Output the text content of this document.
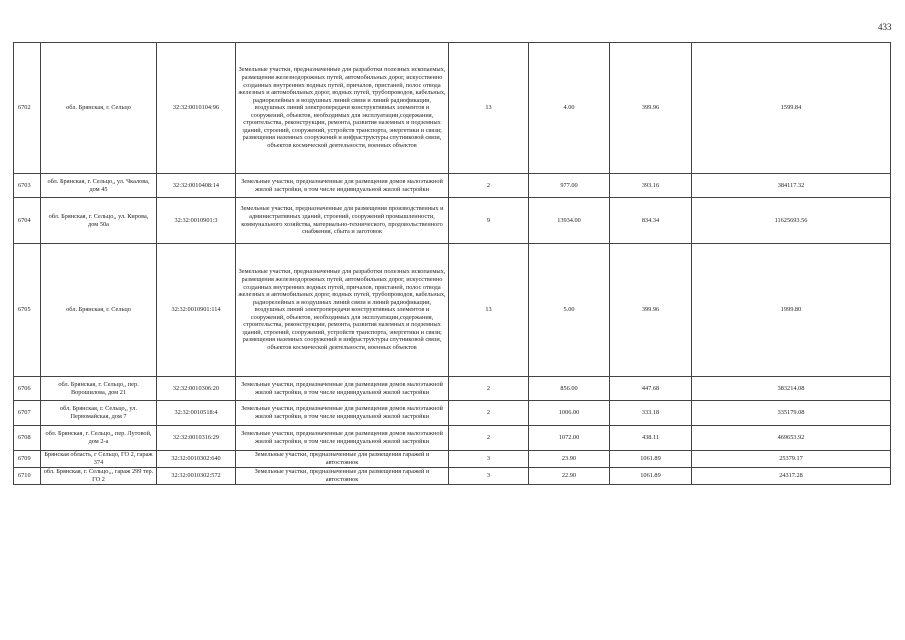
433
6702	обл. Брянская, г. Сельцо	32:32:0010104:96	Земельные участки, предназначенные для разработки полезных ископаемых, размещения железнодорожных путей, автомобильных дорог, искусственно созданных внутренних водных путей, причалов, пристаней, полос отвода железных и автомобильных дорог, водных путей, трубопроводов, кабельных, радиорелейных и воздушных линий связи и линий радиофикации, воздушных линий электропередачи конструктивных элементов и сооружений, объектов, необходимых для эксплуатации,содержания, строительства, реконструкции, ремонта, развития наземных и подземных зданий, строений, сооружений, устройств транспорта, энергетики и связи; размещения наземных сооружений и инфраструктуры спутниковой связи, объектов космической деятельности, военных объектов	13	4.00	399.96	1599.84
6703	обл. Брянская, г. Сельцо,, ул. Чкалова, дом 45	32:32:0010408:14	Земельные участки, предназначенные для размещения домов малоэтажной жилой застройки, в том числе индивидуальной жилой застройки	2	977.00	393.16	384117.32
6704	обл. Брянская, г. Сельцо,, ул. Кирова, дом 50а	32:32:0010901:3	Земельные участки, предназначенные для размещения производственных и административных зданий, строений, сооружений промышленности, коммунального хозяйства, материально-технического, продовольственного снабжения, сбыта и заготовок	9	13934.00	834.34	11625693.56
6705	обл. Брянская, г. Сельцо	32:32:0010901:114	Земельные участки, предназначенные для разработки полезных ископаемых, размещения железнодорожных путей, автомобильных дорог, искусственно созданных внутренних водных путей, причалов, пристаней, полос отвода железных и автомобильных дорог, водных путей, трубопроводов, кабельных, радиорелейных и воздушных линий связи и линий радиофикации, воздушных линий электропередачи конструктивных элементов и сооружений, объектов, необходимых для эксплуатации,содержания, строительства, реконструкции, ремонта, развития наземных и подземных зданий, строений, сооружений, устройств транспорта, энергетики и связи; размещения наземных сооружений и инфраструктуры спутниковой связи, объектов космической деятельности, военных объектов	13	5.00	399.96	1999.80
6706	обл. Брянская, г. Сельцо,, пер. Ворошилова, дом 21	32:32:0010306:20	Земельные участки, предназначенные для размещения домов малоэтажной жилой застройки, в том числе индивидуальной жилой застройки	2	856.00	447.68	383214.08
6707	обл. Брянская, г. Сельцо,, ул. Первомайская, дом 7	32:32:0010518:4	Земельные участки, предназначенные для размещения домов малоэтажной жилой застройки, в том числе индивидуальной жилой застройки	2	1006.00	333.18	335179.08
6708	обл. Брянская, г. Сельцо,, пер. Лутовой, дом 2-а	32:32:0010316:29	Земельные участки, предназначенные для размещения домов малоэтажной жилой застройки, в том числе индивидуальной жилой застройки	2	1072.00	438.11	469653.92
6709	Брянская область, г Сельцо, ГО 2, гараж 374	32:32:0010302:640	Земельные участки, предназначенные для размещения гаражей и автостоянок	3	23.90	1061.89	25379.17
6710	обл. Брянская, г. Сельцо,,, гараж 299 тер. ГО 2	32:32:0010302:572	Земельные участки, предназначенные для размещения гаражей и автостоянок	3	22.90	1061.89	24317.28
